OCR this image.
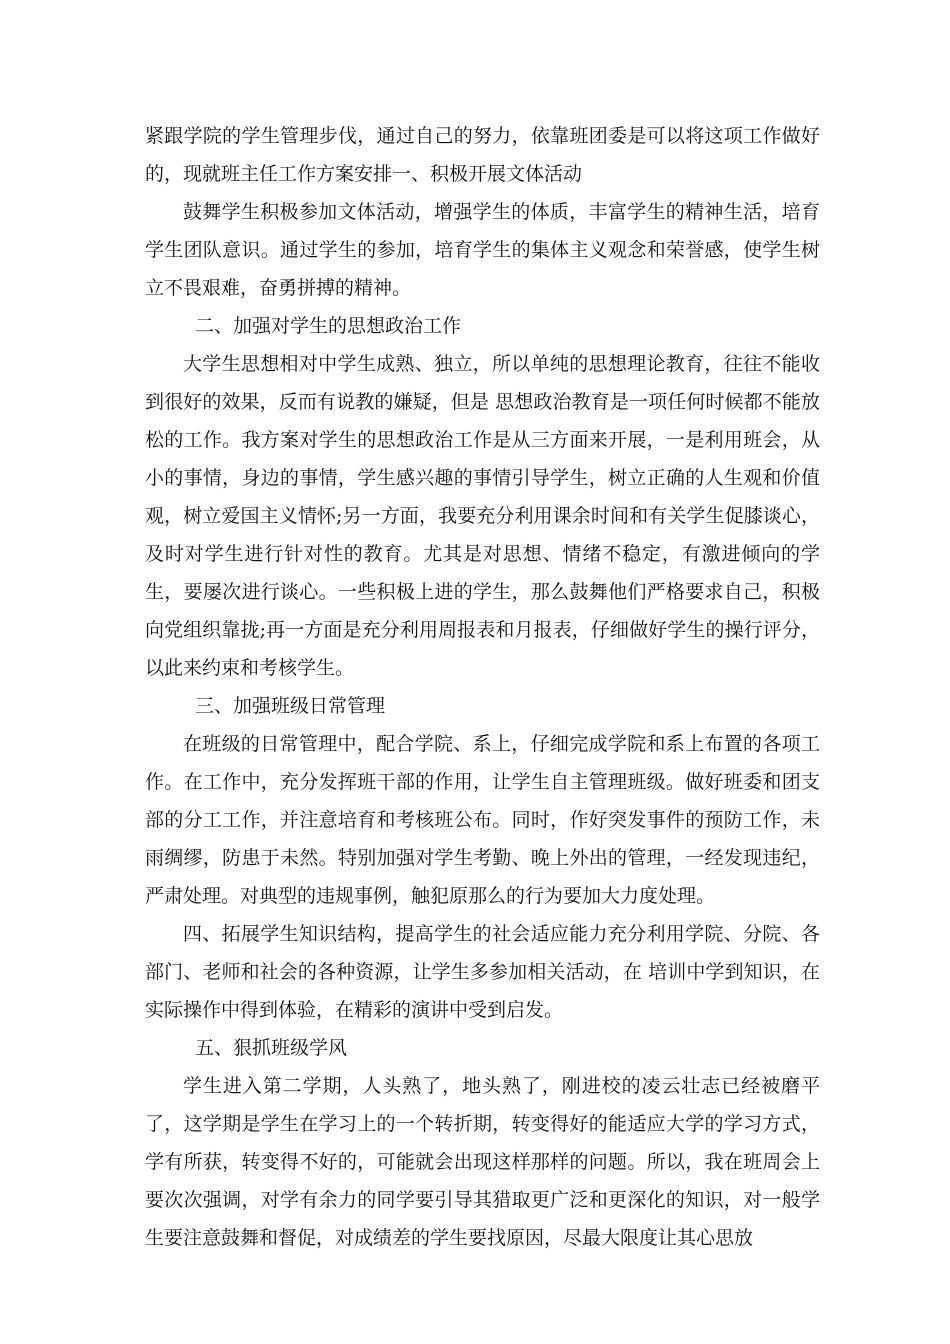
紧跟学院的学生管理步伐，通过自己的努力，依靠班团委是可以将这项工作做好的，现就班主任工作方案安排一、积极开展文体活动

鼓舞学生积极参加文体活动，增强学生的体质，丰富学生的精神生活，培育学生团队意识。通过学生的参加，培育学生的集体主义观念和荣誉感，使学生树立不畏艰难，奋勇拼搏的精神。

二、加强对学生的思想政治工作

大学生思想相对中学生成熟、独立，所以单纯的思想理论教育，往往不能收到很好的效果，反而有说教的嫌疑，但是 思想政治教育是一项任何时候都不能放松的工作。我方案对学生的思想政治工作是从三方面来开展，一是利用班会，从小的事情，身边的事情，学生感兴趣的事情引导学生，树立正确的人生观和价值观，树立爱国主义情怀;另一方面，我要充分利用课余时间和有关学生促膝谈心，及时对学生进行针对性的教育。尤其是对思想、情绪不稳定，有激进倾向的学生，要屡次进行谈心。一些积极上进的学生，那么鼓舞他们严格要求自己，积极向党组织靠拢;再一方面是充分利用周报表和月报表，仔细做好学生的操行评分，以此来约束和考核学生。

三、加强班级日常管理

在班级的日常管理中，配合学院、系上，仔细完成学院和系上布置的各项工作。在工作中，充分发挥班干部的作用，让学生自主管理班级。做好班委和团支部的分工工作，并注意培育和考核班公布。同时，作好突发事件的预防工作，未雨绸缪，防患于未然。特别加强对学生考勤、晚上外出的管理，一经发现违纪，严肃处理。对典型的违规事例，触犯原那么的行为要加大力度处理。

四、拓展学生知识结构，提高学生的社会适应能力充分利用学院、分院、各部门、老师和社会的各种资源，让学生多参加相关活动，在 培训中学到知识，在实际操作中得到体验，在精彩的演讲中受到启发。

五、狠抓班级学风

学生进入第二学期，人头熟了，地头熟了，刚进校的凌云壮志已经被磨平了，这学期是学生在学习上的一个转折期，转变得好的能适应大学的学习方式，学有所获，转变得不好的，可能就会出现这样那样的问题。所以，我在班周会上要次次强调，对学有余力的同学要引导其猎取更广泛和更深化的知识，对一般学生要注意鼓舞和督促，对成绩差的学生要找原因，尽最大限度让其心思放
